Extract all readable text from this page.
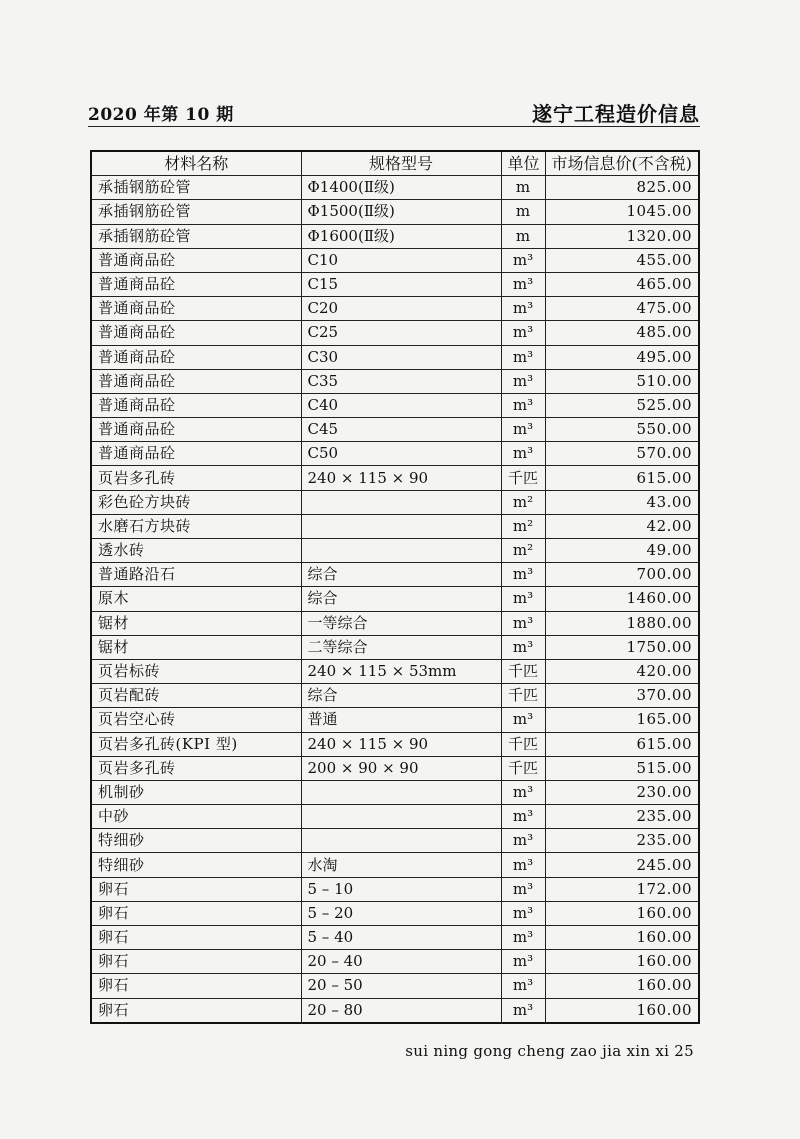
2020 年第 10 期	遂宁工程造价信息
材料名称	规格型号	单位	市场信息价(不含税)
承插钢筋砼管	Φ1400(Ⅱ级)	m	825.00
承插钢筋砼管	Φ1500(Ⅱ级)	m	1045.00
承插钢筋砼管	Φ1600(Ⅱ级)	m	1320.00
普通商品砼	C10	m³	455.00
普通商品砼	C15	m³	465.00
普通商品砼	C20	m³	475.00
普通商品砼	C25	m³	485.00
普通商品砼	C30	m³	495.00
普通商品砼	C35	m³	510.00
普通商品砼	C40	m³	525.00
普通商品砼	C45	m³	550.00
普通商品砼	C50	m³	570.00
页岩多孔砖	240 × 115 × 90	千匹	615.00
彩色砼方块砖		m²	43.00
水磨石方块砖		m²	42.00
透水砖		m²	49.00
普通路沿石	综合	m³	700.00
原木	综合	m³	1460.00
锯材	一等综合	m³	1880.00
锯材	二等综合	m³	1750.00
页岩标砖	240 × 115 × 53mm	千匹	420.00
页岩配砖	综合	千匹	370.00
页岩空心砖	普通	m³	165.00
页岩多孔砖(KPI 型)	240 × 115 × 90	千匹	615.00
页岩多孔砖	200 × 90 × 90	千匹	515.00
机制砂		m³	230.00
中砂		m³	235.00
特细砂		m³	235.00
特细砂	水淘	m³	245.00
卵石	5 – 10	m³	172.00
卵石	5 – 20	m³	160.00
卵石	5 – 40	m³	160.00
卵石	20 – 40	m³	160.00
卵石	20 – 50	m³	160.00
卵石	20 – 80	m³	160.00
sui ning gong cheng zao jia xin xi 25
